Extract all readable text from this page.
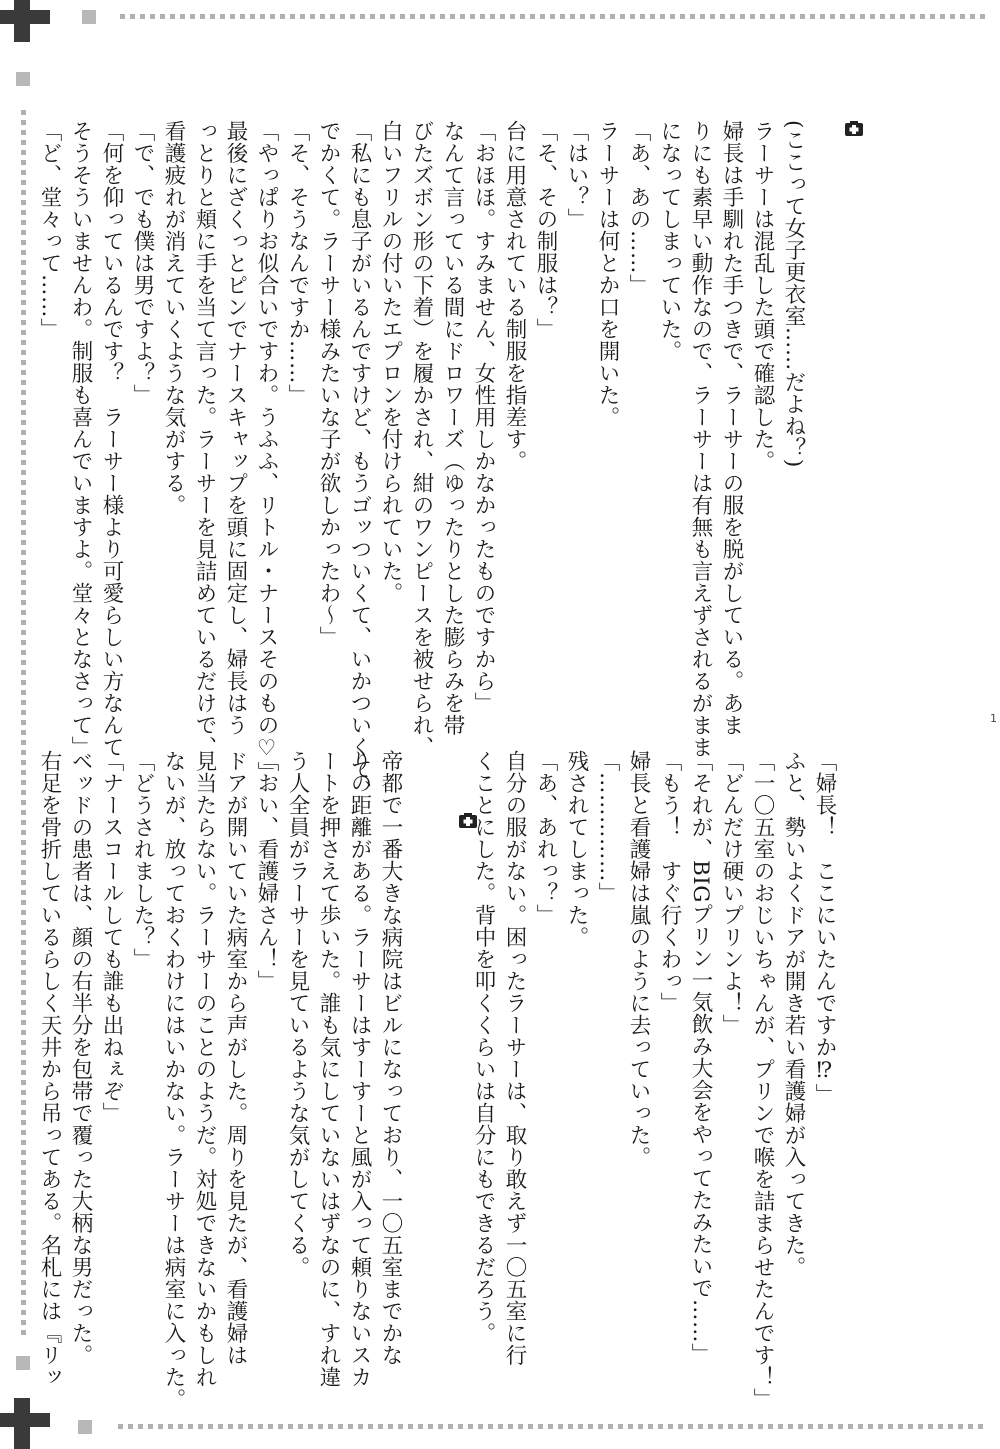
1

(ここって女子更衣室……だよね？)
ラーサーは混乱した頭で確認した。
婦長は手馴れた手つきで、ラーサーの服を脱がしている。あま
りにも素早い動作なので、ラーサーは有無も言えずされるがまま
になってしまっていた。
「あ、あの……」
ラーサーは何とか口を開いた。
「はい？」
「そ、その制服は？」
台に用意されている制服を指差す。
「おほほ。すみません、女性用しかなかったものですから」
なんて言っている間にドロワーズ（ゆったりとした膨らみを帯
びたズボン形の下着）を履かされ、紺のワンピースを被せられ、
白いフリルの付いたエプロンを付けられていた。
「私にも息子がいるんですけど、もうゴッついくて、いかついくて、
でかくて。ラーサー様みたいな子が欲しかったわ〜」
「そ、そうなんですか……」
「やっぱりお似合いですわ。うふふ、リトル・ナースそのもの♡」
最後にざくっとピンでナースキャップを頭に固定し、婦長はう
っとりと頬に手を当て言った。ラーサーを見詰めているだけで、
看護疲れが消えていくような気がする。
「で、でも僕は男ですよ？」
「何を仰っているんです？　ラーサー様より可愛らしい方なんて
そうそういませんわ。制服も喜んでいますよ。堂々となさって」
「ど、堂々って……」
「婦長！　ここにいたんですか⁉」
ふと、勢いよくドアが開き若い看護婦が入ってきた。
「一〇五室のおじいちゃんが、プリンで喉を詰まらせたんです！」
「どんだけ硬いプリンよ！」
「それが、BIGプリン一気飲み大会をやってたみたいで……」
「もう！　すぐ行くわっ」
婦長と看護婦は嵐のように去っていった。
「……………」
残されてしまった。
「あ、あれっ？」
自分の服がない。困ったラーサーは、取り敢えず一〇五室に行
くことにした。背中を叩くくらいは自分にもできるだろう。

帝都で一番大きな病院はビルになっており、一〇五室までかな
りの距離がある。ラーサーはすーすーと風が入って頼りないスカ
ートを押さえて歩いた。誰も気にしていないはずなのに、すれ違
う人全員がラーサーを見ているような気がしてくる。
「おい、看護婦さん！」
ドアが開いていた病室から声がした。周りを見たが、看護婦は
見当たらない。ラーサーのことのようだ。対処できないかもしれ
ないが、放っておくわけにはいかない。ラーサーは病室に入った。
「どうされました？」
「ナースコールしても誰も出ねぇぞ」
ベッドの患者は、顔の右半分を包帯で覆った大柄な男だった。
右足を骨折しているらしく天井から吊ってある。名札には『リッ
